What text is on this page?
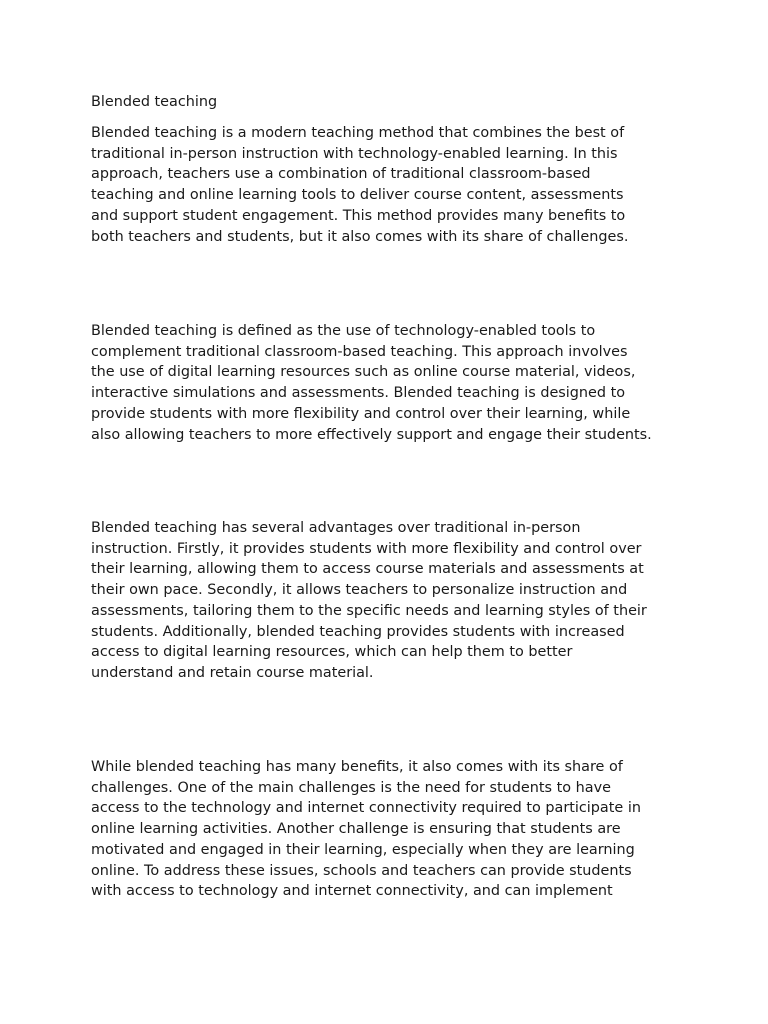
Blended teaching

Blended teaching is a modern teaching method that combines the best of
traditional in-person instruction with technology-enabled learning. In this
approach, teachers use a combination of traditional classroom-based
teaching and online learning tools to deliver course content, assessments
and support student engagement. This method provides many benefits to
both teachers and students, but it also comes with its share of challenges.

Blended teaching is defined as the use of technology-enabled tools to
complement traditional classroom-based teaching. This approach involves
the use of digital learning resources such as online course material, videos,
interactive simulations and assessments. Blended teaching is designed to
provide students with more flexibility and control over their learning, while
also allowing teachers to more effectively support and engage their students.

Blended teaching has several advantages over traditional in-person
instruction. Firstly, it provides students with more flexibility and control over
their learning, allowing them to access course materials and assessments at
their own pace. Secondly, it allows teachers to personalize instruction and
assessments, tailoring them to the specific needs and learning styles of their
students. Additionally, blended teaching provides students with increased
access to digital learning resources, which can help them to better
understand and retain course material.

While blended teaching has many benefits, it also comes with its share of
challenges. One of the main challenges is the need for students to have
access to the technology and internet connectivity required to participate in
online learning activities. Another challenge is ensuring that students are
motivated and engaged in their learning, especially when they are learning
online. To address these issues, schools and teachers can provide students
with access to technology and internet connectivity, and can implement
